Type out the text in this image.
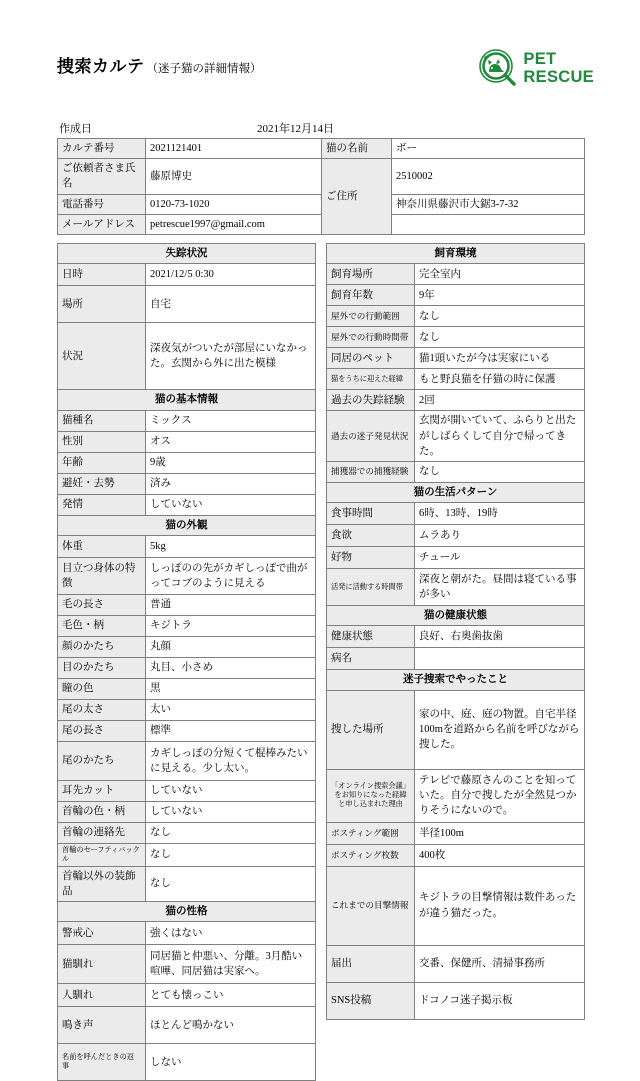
捜索カルテ （迷子猫の詳細情報）
PET
RESCUE
作成日	2021年12月14日
カルテ番号	2021121401	猫の名前	ボー
ご依頼者さま氏名	藤原博史	ご住所	2510002
電話番号	0120-73-1020		神奈川県藤沢市大鋸3-7-32
メールアドレス	petrescue1997@gmail.com		
失踪状況	
日時	2021/12/5 0:30
場所	自宅
状況	深夜気がついたが部屋にいなかった。玄関から外に出た模様
猫の基本情報	
猫種名	ミックス
性別	オス
年齢	9歳
避妊・去勢	済み
発情	していない
猫の外観	
体重	5kg
目立つ身体の特徴	しっぽのの先がカギしっぽで曲がってコブのように見える
毛の長さ	普通
毛色・柄	キジトラ
顔のかたち	丸顔
目のかたち	丸目、小さめ
瞳の色	黒
尾の太さ	太い
尾の長さ	標準
尾のかたち	カギしっぽの分短くて棍棒みたいに見える。少し太い。
耳先カット	していない
首輪の色・柄	していない
首輪の連絡先	なし
首輪のセーフティバックル	なし
首輪以外の装飾品	なし
猫の性格	
警戒心	強くはない
猫馴れ	同居猫と仲悪い、分離。3月酷い喧嘩、同居猫は実家へ。
人馴れ	とても懐っこい
鳴き声	ほとんど鳴かない
名前を呼んだときの返事	しない
飼育環境	
飼育場所	完全室内
飼育年数	9年
屋外での行動範囲	なし
屋外での行動時間帯	なし
同居のペット	猫1頭いたが今は実家にいる
猫をうちに迎えた経緯	もと野良猫を仔猫の時に保護
過去の失踪経験	2回
過去の迷子発見状況	玄関が開いていて、ふらりと出たがしばらくして自分で帰ってきた。
捕獲器での捕獲経験	なし
猫の生活パターン	
食事時間	6時、13時、19時
食欲	ムラあり
好物	チュール
活発に活動する時間帯	深夜と朝がた。昼間は寝ている事が多い
猫の健康状態	
健康状態	良好、右奥歯抜歯
病名	
迷子捜索でやったこと	
捜した場所	家の中、庭、庭の物置。自宅半径100mを道路から名前を呼びながら捜した。
「オンライン捜索会議」をお知りになった経緯と申し込まれた理由	テレビで藤原さんのことを知っていた。自分で捜したが全然見つかりそうにないので。
ポスティング範囲	半径100m
ポスティング枚数	400枚
これまでの目撃情報	キジトラの目撃情報は数件あったが違う猫だった。
届出	交番、保健所、清掃事務所
SNS投稿	ドコノコ迷子掲示板
